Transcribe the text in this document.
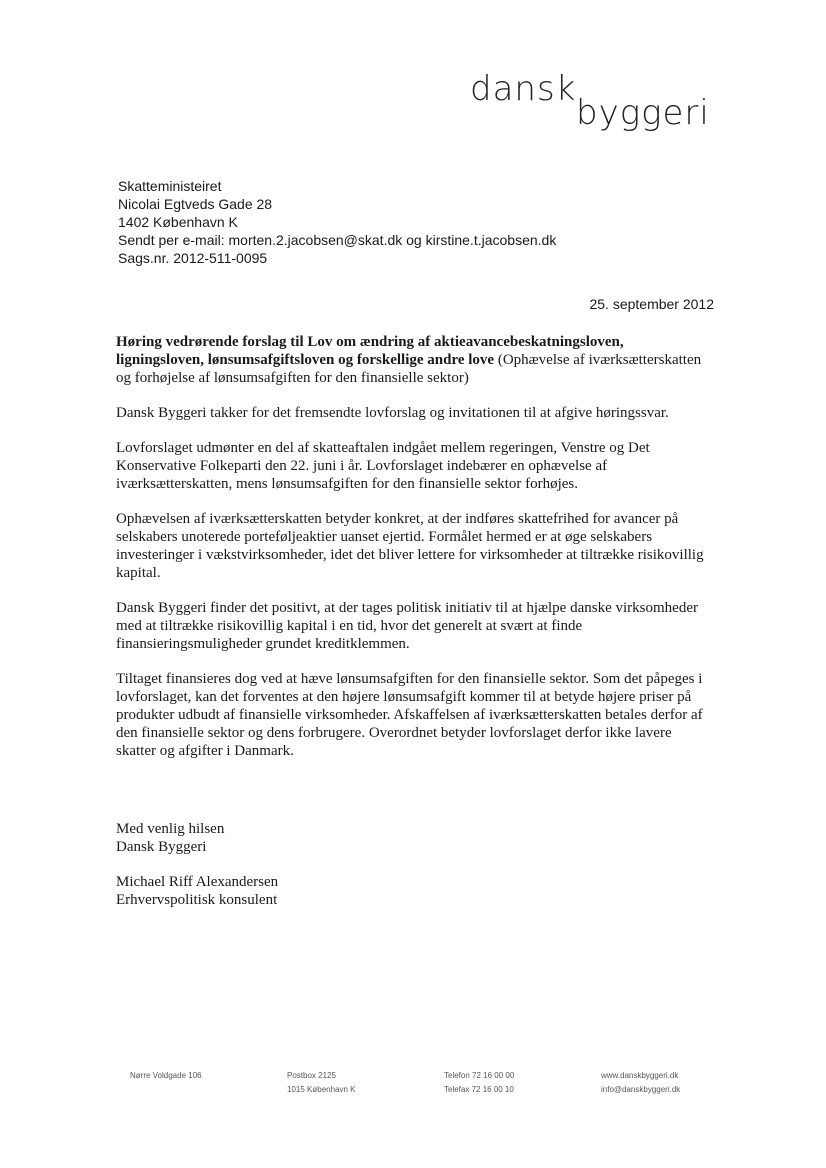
dansk
byggeri
Skatteministeiret
Nicolai Egtveds Gade 28
1402 København K
Sendt per e-mail: morten.2.jacobsen@skat.dk og kirstine.t.jacobsen.dk
Sags.nr. 2012-511-0095
25. september 2012

Høring vedrørende forslag til Lov om ændring af aktieavancebeskatningsloven, ligningsloven, lønsumsafgiftsloven og forskellige andre love (Ophævelse af iværksætterskatten og forhøjelse af lønsumsafgiften for den finansielle sektor)

Dansk Byggeri takker for det fremsendte lovforslag og invitationen til at afgive høringssvar.

Lovforslaget udmønter en del af skatteaftalen indgået mellem regeringen, Venstre og Det Konservative Folkeparti den 22. juni i år. Lovforslaget indebærer en ophævelse af iværksætterskatten, mens lønsumsafgiften for den finansielle sektor forhøjes.

Ophævelsen af iværksætterskatten betyder konkret, at der indføres skattefrihed for avancer på selskabers unoterede porteføljeaktier uanset ejertid. Formålet hermed er at øge selskabers investeringer i vækstvirksomheder, idet det bliver lettere for virksomheder at tiltrække risikovillig kapital.

Dansk Byggeri finder det positivt, at der tages politisk initiativ til at hjælpe danske virksomheder med at tiltrække risikovillig kapital i en tid, hvor det generelt at svært at finde finansieringsmuligheder grundet kreditklemmen.

Tiltaget finansieres dog ved at hæve lønsumsafgiften for den finansielle sektor. Som det påpeges i lovforslaget, kan det forventes at den højere lønsumsafgift kommer til at betyde højere priser på produkter udbudt af finansielle virksomheder. Afskaffelsen af iværksætterskatten betales derfor af den finansielle sektor og dens forbrugere. Overordnet betyder lovforslaget derfor ikke lavere skatter og afgifter i Danmark.

Med venlig hilsen
Dansk Byggeri
Michael Riff Alexandersen
Erhvervspolitisk konsulent
Nørre Voldgade 106	Postbox 2125
1015 København K
Telefon 72 16 00 00
Telefax 72 16 00 10
www.danskbyggeri.dk
info@danskbyggeri.dk
